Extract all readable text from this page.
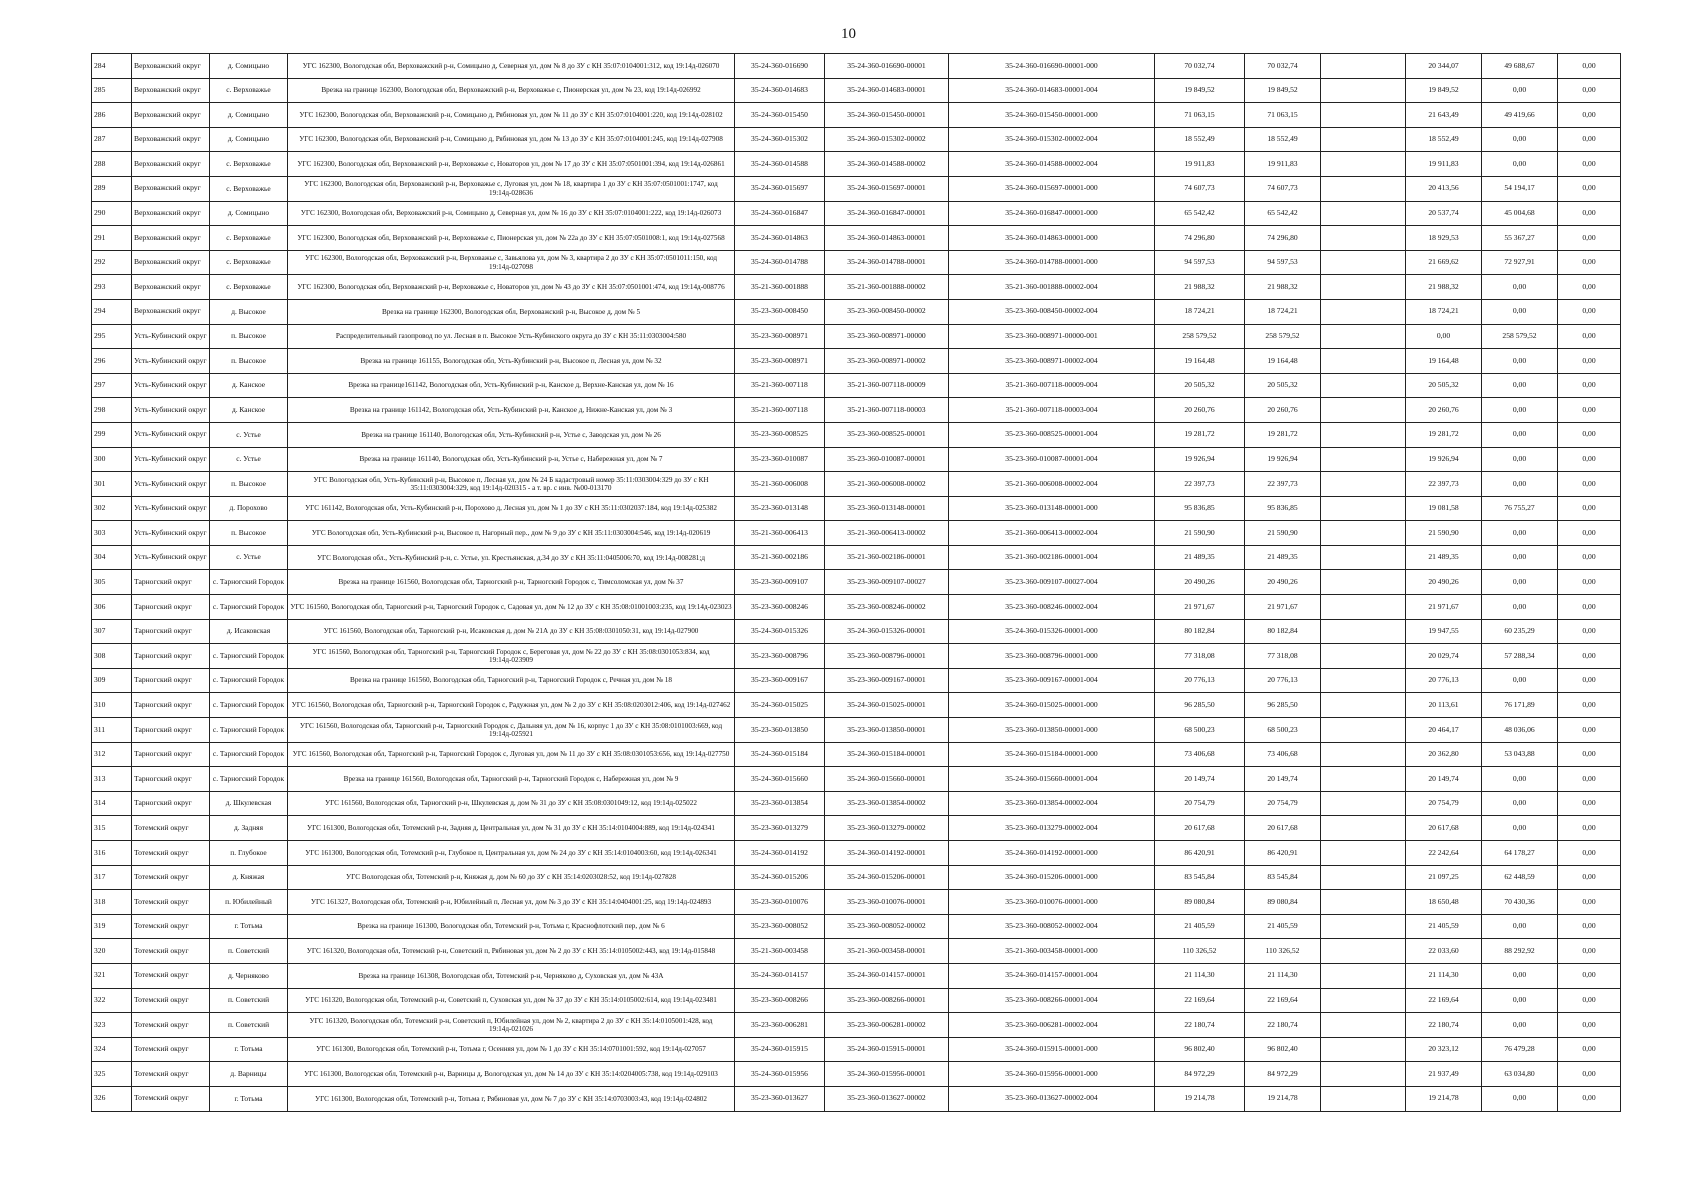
10
284	Верховажский округ	д. Сомицыно	УГС 162300, Вологодская обл, Верховажский р-н, Сомицыно д, Северная ул, дом № 8 до ЗУ с КН 35:07:0104001:312, код 19:14д-026070	35-24-360-016690	35-24-360-016690-00001	35-24-360-016690-00001-000	70 032,74	70 032,74		20 344,07	49 688,67	0,00
285	Верховажский округ	с. Верховажье	Врезка на границе 162300, Вологодская обл, Верховажский р-н, Верховажье с, Пионерская ул, дом № 23, код 19:14д-026992	35-24-360-014683	35-24-360-014683-00001	35-24-360-014683-00001-004	19 849,52	19 849,52		19 849,52	0,00	0,00
286	Верховажский округ	д. Сомицыно	УГС 162300, Вологодская обл, Верховажский р-н, Сомицыно д, Рябиновая ул, дом № 11 до ЗУ с КН 35:07:0104001:220, код 19:14д-028102	35-24-360-015450	35-24-360-015450-00001	35-24-360-015450-00001-000	71 063,15	71 063,15		21 643,49	49 419,66	0,00
287	Верховажский округ	д. Сомицыно	УГС 162300, Вологодская обл, Верховажский р-н, Сомицыно д, Рябиновая ул, дом № 13 до ЗУ с КН 35:07:0104001:245, код 19:14д-027908	35-24-360-015302	35-24-360-015302-00002	35-24-360-015302-00002-004	18 552,49	18 552,49		18 552,49	0,00	0,00
288	Верховажский округ	с. Верховажье	УГС 162300, Вологодская обл, Верховажский р-н, Верховажье с, Новаторов ул, дом № 17 до ЗУ с КН 35:07:0501001:394, код 19:14д-026861	35-24-360-014588	35-24-360-014588-00002	35-24-360-014588-00002-004	19 911,83	19 911,83		19 911,83	0,00	0,00
289	Верховажский округ	с. Верховажье	УГС 162300, Вологодская обл, Верховажский р-н, Верховажье с, Луговая ул, дом № 18, квартира 1 до ЗУ с КН 35:07:0501001:1747, код 19:14д-028636	35-24-360-015697	35-24-360-015697-00001	35-24-360-015697-00001-000	74 607,73	74 607,73		20 413,56	54 194,17	0,00
290	Верховажский округ	д. Сомицыно	УГС 162300, Вологодская обл, Верховажский р-н, Сомицыно д, Северная ул, дом № 16 до ЗУ с КН 35:07:0104001:222, код 19:14д-026073	35-24-360-016847	35-24-360-016847-00001	35-24-360-016847-00001-000	65 542,42	65 542,42		20 537,74	45 004,68	0,00
291	Верховажский округ	с. Верховажье	УГС 162300, Вологодская обл, Верховажский р-н, Верховажье с, Пионерская ул, дом № 22а до ЗУ с КН 35:07:0501008:1, код 19:14д-027568	35-24-360-014863	35-24-360-014863-00001	35-24-360-014863-00001-000	74 296,80	74 296,80		18 929,53	55 367,27	0,00
292	Верховажский округ	с. Верховажье	УГС 162300, Вологодская обл, Верховажский р-н, Верховажье с, Завьялова ул, дом № 3, квартира 2 до ЗУ с КН 35:07:0501011:150, код 19:14д-027098	35-24-360-014788	35-24-360-014788-00001	35-24-360-014788-00001-000	94 597,53	94 597,53		21 669,62	72 927,91	0,00
293	Верховажский округ	с. Верховажье	УГС 162300, Вологодская обл, Верховажский р-н, Верховажье с, Новаторов ул, дом № 43 до ЗУ с КН 35:07:0501001:474, код 19:14д-008776	35-21-360-001888	35-21-360-001888-00002	35-21-360-001888-00002-004	21 988,32	21 988,32		21 988,32	0,00	0,00
294	Верховажский округ	д. Высокое	Врезка на границе 162300, Вологодская обл, Верховажский р-н, Высокое д, дом № 5	35-23-360-008450	35-23-360-008450-00002	35-23-360-008450-00002-004	18 724,21	18 724,21		18 724,21	0,00	0,00
295	Усть-Кубинский округ	п. Высокое	Распределительный газопровод по ул. Лесная в п. Высокое Усть-Кубинского округа до ЗУ с КН 35:11:0303004:580	35-23-360-008971	35-23-360-008971-00000	35-23-360-008971-00000-001	258 579,52	258 579,52		0,00	258 579,52	0,00
296	Усть-Кубинский округ	п. Высокое	Врезка на границе 161155, Вологодская обл, Усть-Кубинский р-н, Высокое п, Лесная ул, дом № 32	35-23-360-008971	35-23-360-008971-00002	35-23-360-008971-00002-004	19 164,48	19 164,48		19 164,48	0,00	0,00
297	Усть-Кубинский округ	д. Канское	Врезка на границе161142, Вологодская обл, Усть-Кубинский р-н, Канское д, Верхне-Канская ул, дом № 16	35-21-360-007118	35-21-360-007118-00009	35-21-360-007118-00009-004	20 505,32	20 505,32		20 505,32	0,00	0,00
298	Усть-Кубинский округ	д. Канское	Врезка на границе 161142, Вологодская обл, Усть-Кубинский р-н, Канское д, Нижне-Канская ул, дом № 3	35-21-360-007118	35-21-360-007118-00003	35-21-360-007118-00003-004	20 260,76	20 260,76		20 260,76	0,00	0,00
299	Усть-Кубинский округ	с. Устье	Врезка на границе 161140, Вологодская обл, Усть-Кубинский р-н, Устье с, Заводская ул, дом № 26	35-23-360-008525	35-23-360-008525-00001	35-23-360-008525-00001-004	19 281,72	19 281,72		19 281,72	0,00	0,00
300	Усть-Кубинский округ	с. Устье	Врезка на границе 161140, Вологодская обл, Усть-Кубинский р-н, Устье с, Набережная ул, дом № 7	35-23-360-010087	35-23-360-010087-00001	35-23-360-010087-00001-004	19 926,94	19 926,94		19 926,94	0,00	0,00
301	Усть-Кубинский округ	п. Высокое	УГС Вологодская обл, Усть-Кубинский р-н, Высокое п, Лесная ул, дом № 24 Б кадастровый номер 35:11:0303004:329 до ЗУ с КН 35:11:0303004:329, код 19:14д-020315 - а т. вр. с инв. №00-013170	35-21-360-006008	35-21-360-006008-00002	35-21-360-006008-00002-004	22 397,73	22 397,73		22 397,73	0,00	0,00
302	Усть-Кубинский округ	д. Порохово	УГС 161142, Вологодская обл, Усть-Кубинский р-н, Порохово д, Лесная ул, дом № 1 до ЗУ с КН 35:11:0302037:184, код 19:14д-025382	35-23-360-013148	35-23-360-013148-00001	35-23-360-013148-00001-000	95 836,85	95 836,85		19 081,58	76 755,27	0,00
303	Усть-Кубинский округ	п. Высокое	УГС Вологодская обл, Усть-Кубинский р-н, Высокое п, Нагорный пер., дом № 9 до ЗУ с КН 35:11:0303004:546, код 19:14д-020619	35-21-360-006413	35-21-360-006413-00002	35-21-360-006413-00002-004	21 590,90	21 590,90		21 590,90	0,00	0,00
304	Усть-Кубинский округ	с. Устье	УГС Вологодская обл., Усть-Кубинский р-н, с. Устье, ул. Крестьянская, д.34 до ЗУ с КН 35:11:0405006:70, код 19:14д-008281;д	35-21-360-002186	35-21-360-002186-00001	35-21-360-002186-00001-004	21 489,35	21 489,35		21 489,35	0,00	0,00
305	Тарногский округ	с. Тарногский Городок	Врезка на границе 161560, Вологодская обл, Тарногский р-н, Тарногский Городок с, Тимсоломская ул, дом № 37	35-23-360-009107	35-23-360-009107-00027	35-23-360-009107-00027-004	20 490,26	20 490,26		20 490,26	0,00	0,00
306	Тарногский округ	с. Тарногский Городок	УГС 161560, Вологодская обл, Тарногский р-н, Тарногский Городок с, Садовая ул, дом № 12 до ЗУ с КН 35:08:0100100З:235, код 19:14д-023023	35-23-360-008246	35-23-360-008246-00002	35-23-360-008246-00002-004	21 971,67	21 971,67		21 971,67	0,00	0,00
307	Тарногский округ	д. Исаковская	УГС 161560, Вологодская обл, Тарногский р-н, Исаковская д, дом № 21А до ЗУ с КН 35:08:0301050:31, код 19:14д-027900	35-24-360-015326	35-24-360-015326-00001	35-24-360-015326-00001-000	80 182,84	80 182,84		19 947,55	60 235,29	0,00
308	Тарногский округ	с. Тарногский Городок	УГС 161560, Вологодская обл, Тарногский р-н, Тарногский Городок с, Береговая ул, дом № 22 до ЗУ с КН 35:08:0301053:834, код 19:14д-023909	35-23-360-008796	35-23-360-008796-00001	35-23-360-008796-00001-000	77 318,08	77 318,08		20 029,74	57 288,34	0,00
309	Тарногский округ	с. Тарногский Городок	Врезка на границе 161560, Вологодская обл, Тарногский р-н, Тарногский Городок с, Речная ул, дом № 18	35-23-360-009167	35-23-360-009167-00001	35-23-360-009167-00001-004	20 776,13	20 776,13		20 776,13	0,00	0,00
310	Тарногский округ	с. Тарногский Городок	УГС 161560, Вологодская обл, Тарногский р-н, Тарногский Городок с, Радужная ул, дом № 2 до ЗУ с КН 35:08:0203012:406, код 19:14д-027462	35-24-360-015025	35-24-360-015025-00001	35-24-360-015025-00001-000	96 285,50	96 285,50		20 113,61	76 171,89	0,00
311	Тарногский округ	с. Тарногский Городок	УГС 161560, Вологодская обл, Тарногский р-н, Тарногский Городок с, Дальняя ул, дом № 16, корпус 1 до ЗУ с КН 35:08:0101003:669, код 19:14д-025921	35-23-360-013850	35-23-360-013850-00001	35-23-360-013850-00001-000	68 500,23	68 500,23		20 464,17	48 036,06	0,00
312	Тарногский округ	с. Тарногский Городок	УГС 161560, Вологодская обл, Тарногский р-н, Тарногский Городок с, Луговая ул, дом № 11 до ЗУ с КН 35:08:0301053:656, код 19:14д-027750	35-24-360-015184	35-24-360-015184-00001	35-24-360-015184-00001-000	73 406,68	73 406,68		20 362,80	53 043,88	0,00
313	Тарногский округ	с. Тарногский Городок	Врезка на границе 161560, Вологодская обл, Тарногский р-н, Тарногский Городок с, Набережная ул, дом № 9	35-24-360-015660	35-24-360-015660-00001	35-24-360-015660-00001-004	20 149,74	20 149,74		20 149,74	0,00	0,00
314	Тарногский округ	д. Шкулевская	УГС 161560, Вологодская обл, Тарногский р-н, Шкулевская д, дом № 31 до ЗУ с КН 35:08:0301049:12, код 19:14д-025022	35-23-360-013854	35-23-360-013854-00002	35-23-360-013854-00002-004	20 754,79	20 754,79		20 754,79	0,00	0,00
315	Тотемский округ	д. Задняя	УГС 161300, Вологодская обл, Тотемский р-н, Задняя д, Центральная ул, дом № 31 до ЗУ с КН 35:14:0104004:889, код 19:14д-024341	35-23-360-013279	35-23-360-013279-00002	35-23-360-013279-00002-004	20 617,68	20 617,68		20 617,68	0,00	0,00
316	Тотемский округ	п. Глубокое	УГС 161300, Вологодская обл, Тотемский р-н, Глубокое п, Центральная ул, дом № 24 до ЗУ с КН 35:14:0104003:60, код 19:14д-026341	35-24-360-014192	35-24-360-014192-00001	35-24-360-014192-00001-000	86 420,91	86 420,91		22 242,64	64 178,27	0,00
317	Тотемский округ	д. Княжая	УГС Вологодская обл, Тотемский р-н, Княжая д, дом № 60 до ЗУ с КН 35:14:0203028:52, код 19:14д-027828	35-24-360-015206	35-24-360-015206-00001	35-24-360-015206-00001-000	83 545,84	83 545,84		21 097,25	62 448,59	0,00
318	Тотемский округ	п. Юбилейный	УГС 161327, Вологодская обл, Тотемский р-н, Юбилейный п, Лесная ул, дом № 3 до ЗУ с КН 35:14:0404001:25, код 19:14д-024893	35-23-360-010076	35-23-360-010076-00001	35-23-360-010076-00001-000	89 080,84	89 080,84		18 650,48	70 430,36	0,00
319	Тотемский округ	г. Тотьма	Врезка на границе 161300, Вологодская обл, Тотемский р-н, Тотьма г, Краснофлотский пер, дом № 6	35-23-360-008052	35-23-360-008052-00002	35-23-360-008052-00002-004	21 405,59	21 405,59		21 405,59	0,00	0,00
320	Тотемский округ	п. Советский	УГС 161320, Вологодская обл, Тотемский р-н, Советский п, Рябиновая ул, дом № 2 до ЗУ с КН 35:14:0105002:443, код 19:14д-015848	35-21-360-003458	35-21-360-003458-00001	35-21-360-003458-00001-000	110 326,52	110 326,52		22 033,60	88 292,92	0,00
321	Тотемский округ	д. Черняково	Врезка на границе 161308, Вологодская обл, Тотемский р-н, Черняково д, Суховская ул, дом № 43А	35-24-360-014157	35-24-360-014157-00001	35-24-360-014157-00001-004	21 114,30	21 114,30		21 114,30	0,00	0,00
322	Тотемский округ	п. Советский	УГС 161320, Вологодская обл, Тотемский р-н, Советский п, Суховская ул, дом № 37 до ЗУ с КН 35:14:0105002:614, код 19:14д-023481	35-23-360-008266	35-23-360-008266-00001	35-23-360-008266-00001-004	22 169,64	22 169,64		22 169,64	0,00	0,00
323	Тотемский округ	п. Советский	УГС 161320, Вологодская обл, Тотемский р-н, Советский п, Юбилейная ул, дом № 2, квартира 2 до ЗУ с КН 35:14:0105001:428, код 19:14д-021026	35-23-360-006281	35-23-360-006281-00002	35-23-360-006281-00002-004	22 180,74	22 180,74		22 180,74	0,00	0,00
324	Тотемский округ	г. Тотьма	УГС 161300, Вологодская обл, Тотемский р-н, Тотьма г, Осенняя ул, дом № 1 до ЗУ с КН 35:14:0701001:592, код 19:14д-027057	35-24-360-015915	35-24-360-015915-00001	35-24-360-015915-00001-000	96 802,40	96 802,40		20 323,12	76 479,28	0,00
325	Тотемский округ	д. Варницы	УГС 161300, Вологодская обл, Тотемский р-н, Варницы д, Вологодская ул, дом № 14 до ЗУ с КН 35:14:0204005:738, код 19:14д-029103	35-24-360-015956	35-24-360-015956-00001	35-24-360-015956-00001-000	84 972,29	84 972,29		21 937,49	63 034,80	0,00
326	Тотемский округ	г. Тотьма	УГС 161300, Вологодская обл, Тотемский р-н, Тотьма г, Рябиновая ул, дом № 7 до ЗУ с КН 35:14:0703003:43, код 19:14д-024802	35-23-360-013627	35-23-360-013627-00002	35-23-360-013627-00002-004	19 214,78	19 214,78		19 214,78	0,00	0,00
